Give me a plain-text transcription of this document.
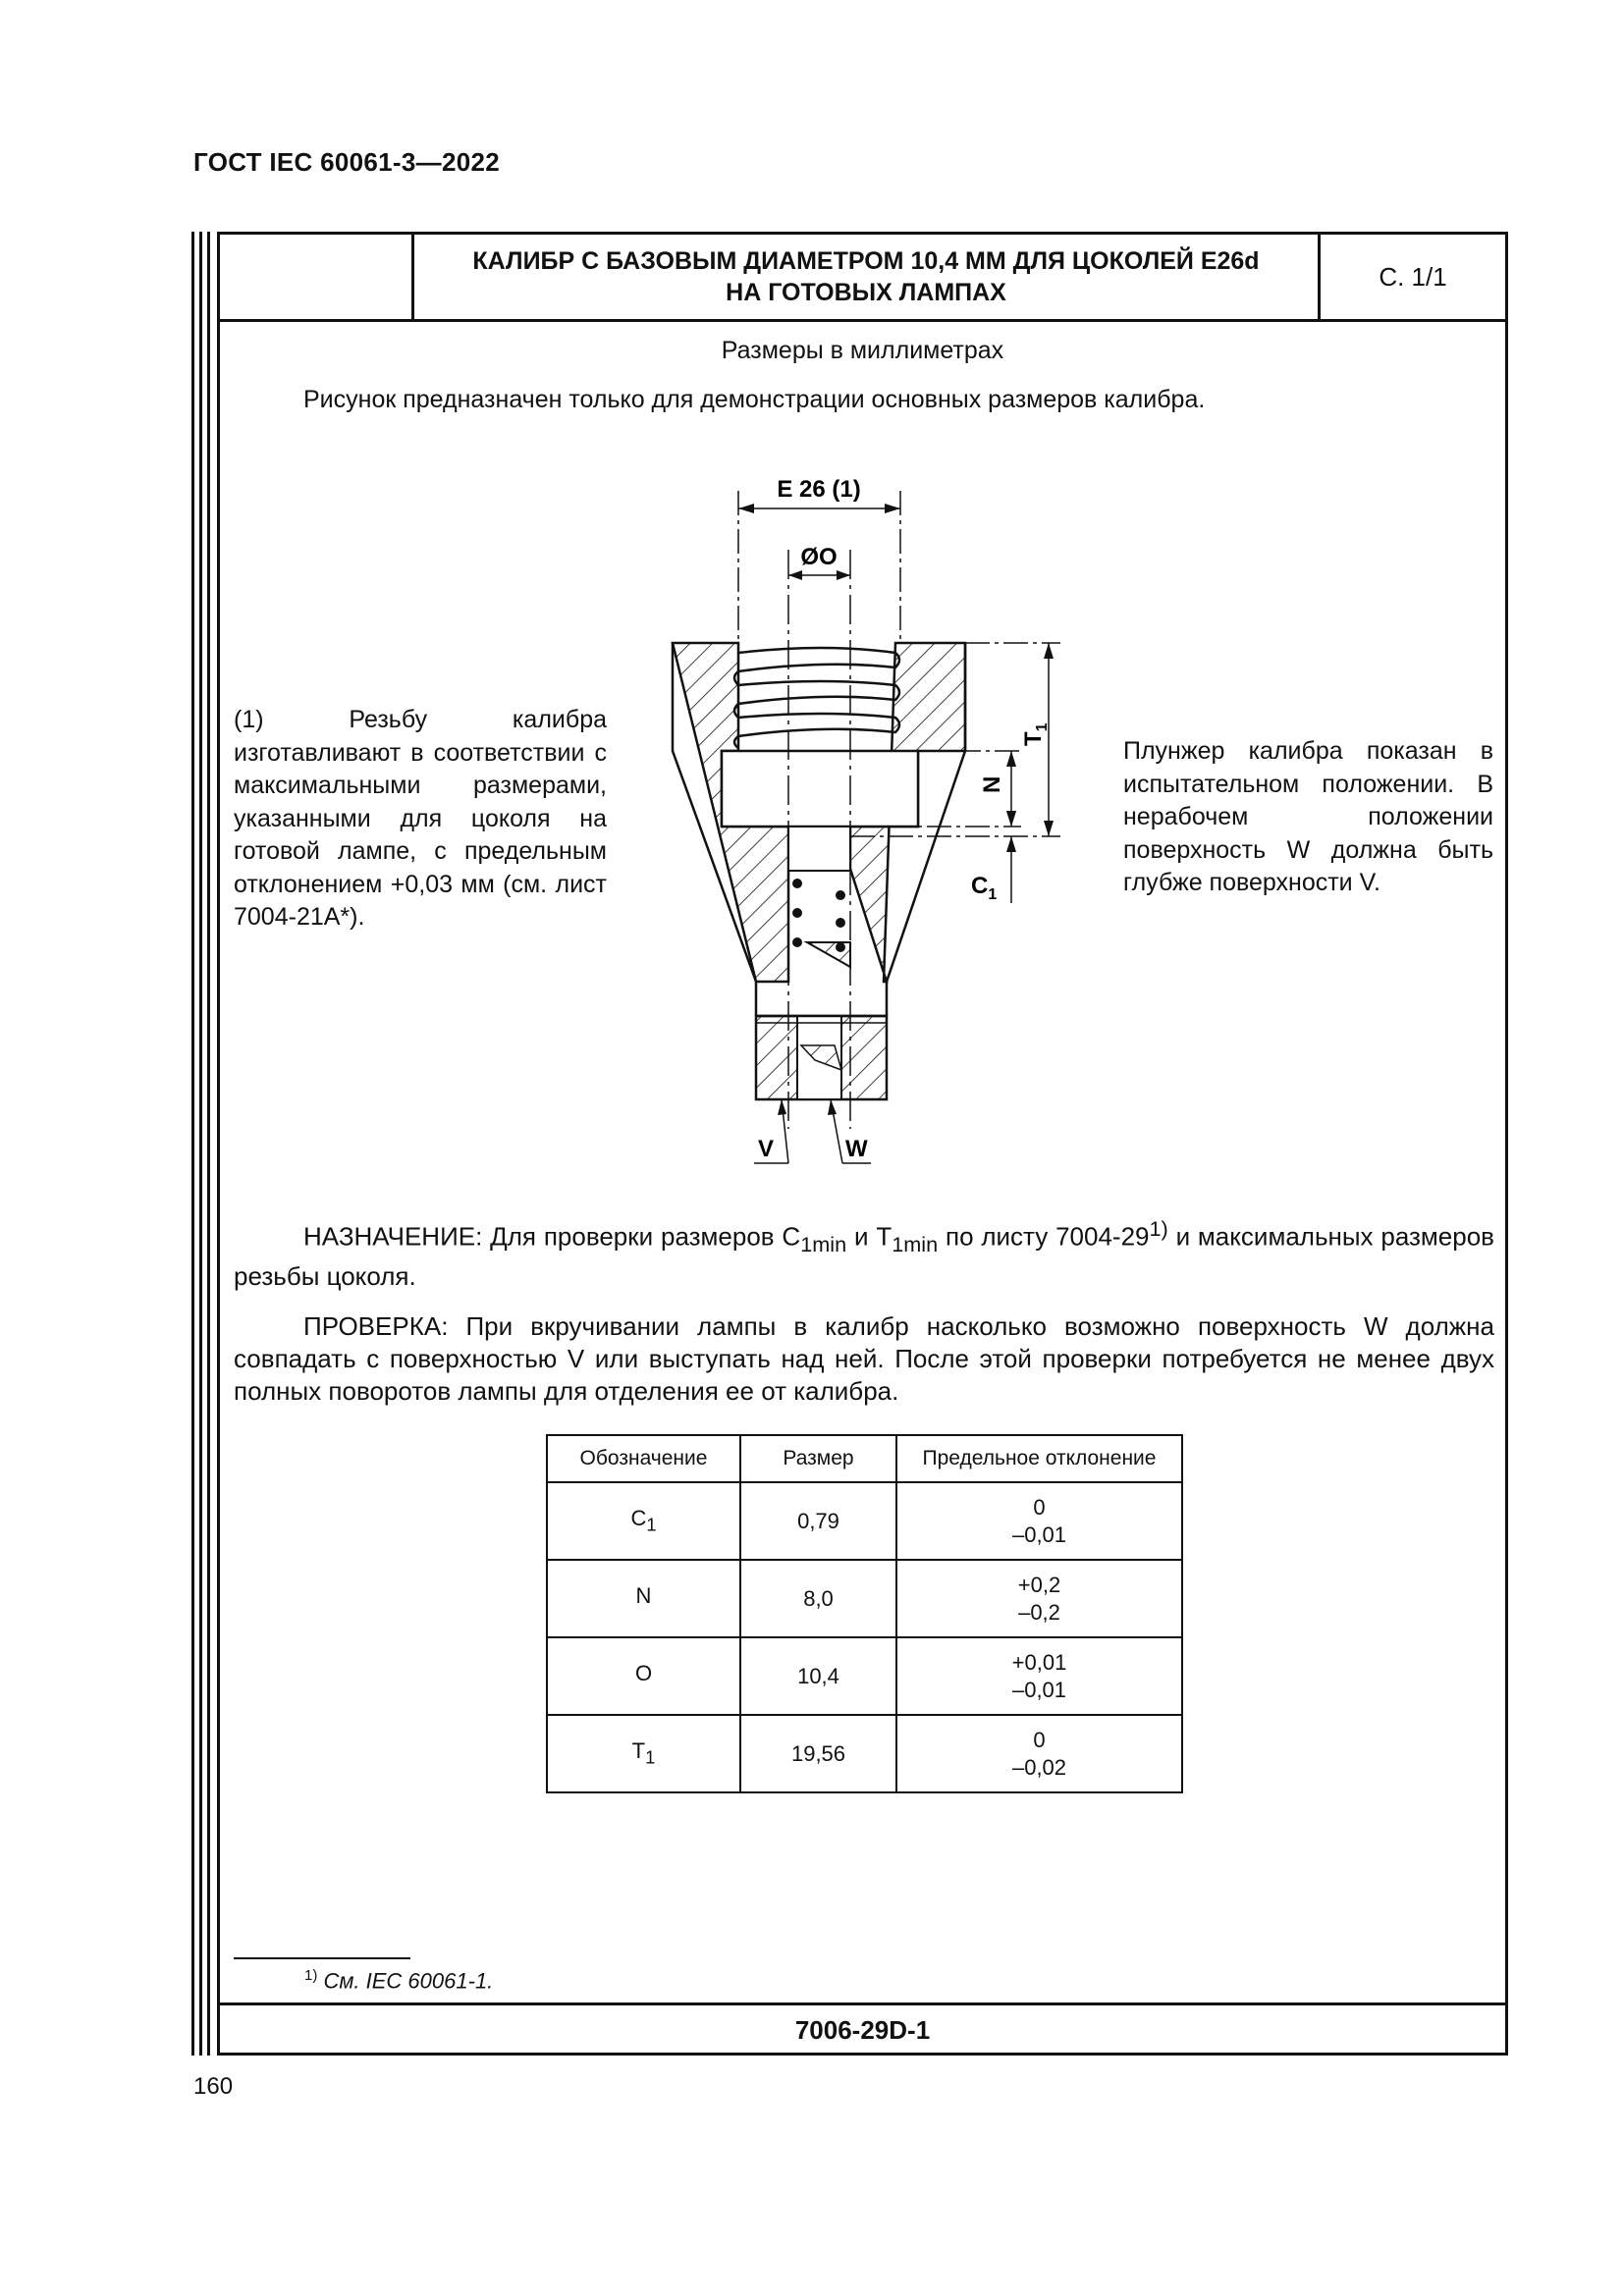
ГОСТ IEC 60061-3—2022
КАЛИБР С БАЗОВЫМ ДИАМЕТРОМ 10,4 ММ ДЛЯ ЦОКОЛЕЙ E26d
НА ГОТОВЫХ ЛАМПАХ
С. 1/1
Размеры в миллиметрах
Рисунок предназначен только для демонстрации основных размеров калибра.
(1) Резьбу калибра изготавливают в соответствии с максимальными размерами, указанными для цоколя на готовой лампе, с предельным отклонением +0,03 мм (см. лист 7004-21A*).
Плунжер калибра показан в испытательном положении. В нерабочем положении поверхность W должна быть глубже поверхности V.
НАЗНАЧЕНИЕ: Для проверки размеров $C_{1min}$ и $T_{1min}$ по листу 7004-29$^{1)}$ и максимальных размеров резьбы цоколя.
ПРОВЕРКА: При вкручивании лампы в калибр насколько возможно поверхность W должна совпадать с поверхностью V или выступать над ней. После этой проверки потребуется не менее двух полных поворотов лампы для отделения ее от калибра.
Обозначение	Размер	Предельное отклонение
$C_1$	0,79	0
–0,01

N	8,0	+0,2
–0,2

O	10,4	+0,01
–0,01

$T_1$	19,56	0
–0,02
$^{1)}$ См. IEC 60061-1.
7006-29D-1
160
E 26 (1)
ØO
$T_1$
N
$C_1$
V	W
